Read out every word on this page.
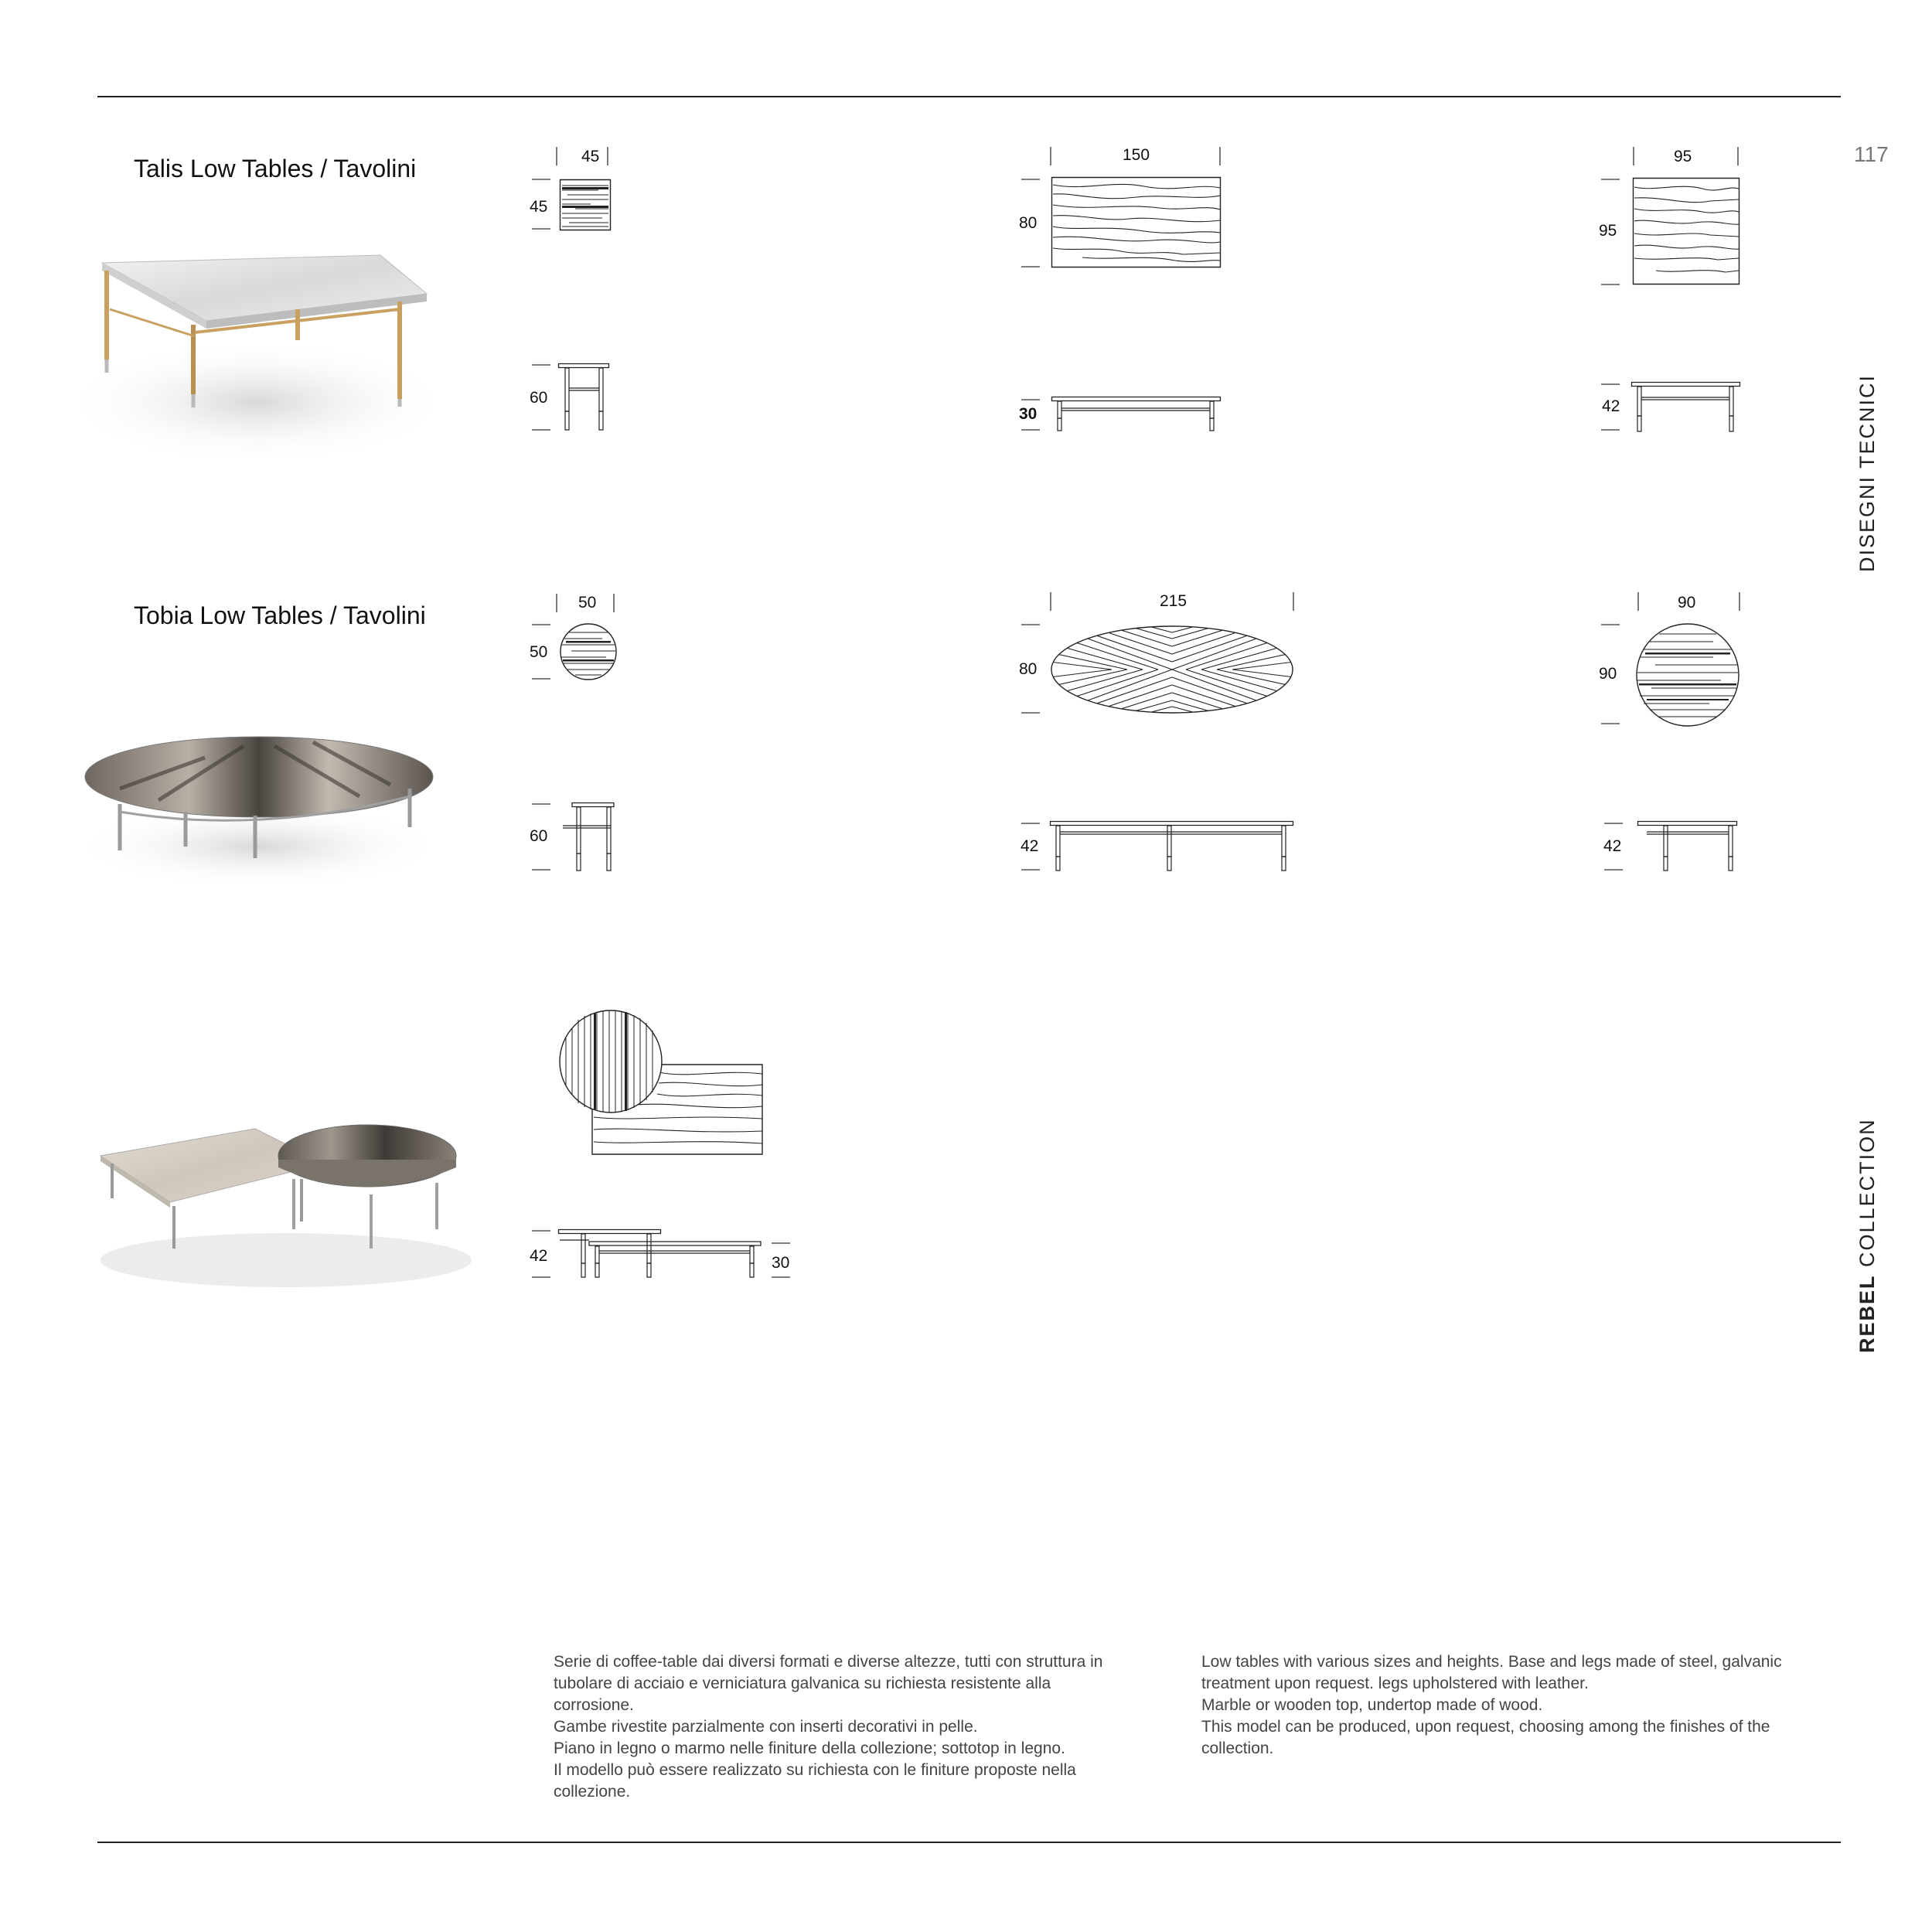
117
DISEGNI TECNICI
REBEL COLLECTION
Talis Low Tables / Tavolini
Tobia Low Tables / Tavolini
45
45
60
150
80
30
95
95
42
50
50
60
215
80
42
90
90
42
42	30

Serie di coffee-table dai diversi formati e diverse altezze, tutti con struttura in tubolare di acciaio e verniciatura galvanica su richiesta resistente alla corrosione.

Gambe rivestite parzialmente con inserti decorativi in pelle.

Piano in legno o marmo nelle finiture della collezione; sottotop in legno.

Il modello può essere realizzato su richiesta con le finiture proposte nella collezione.

Low tables with various sizes and heights. Base and legs made of steel, galvanic treatment upon request. legs upholstered with leather.

Marble or wooden top, undertop made of wood.

This model can be produced, upon request, choosing among the finishes of the collection.
